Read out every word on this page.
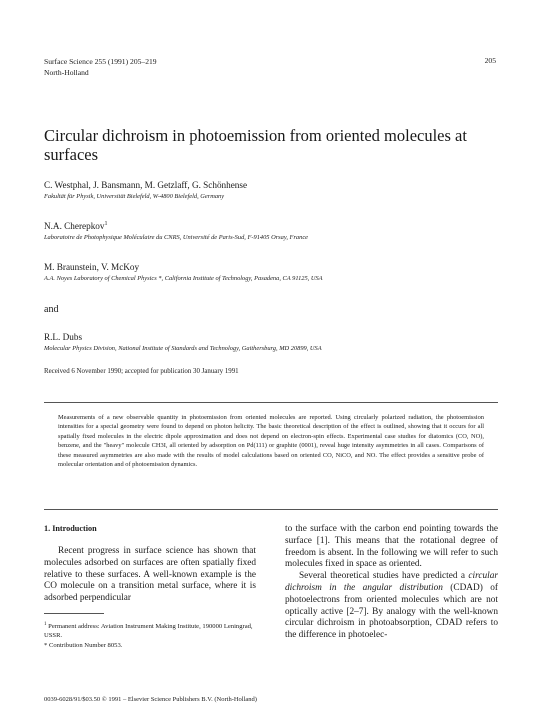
Surface Science 255 (1991) 205–219
North-Holland
205
Circular dichroism in photoemission from oriented molecules at surfaces
C. Westphal, J. Bansmann, M. Getzlaff, G. Schönhense
Fakultät für Physik, Universität Bielefeld, W-4800 Bielefeld, Germany
N.A. Cherepkov$^1$
Laboratoire de Photophysique Moléculaire du CNRS, Université de Paris-Sud, F-91405 Orsay, France
M. Braunstein, V. McKoy
A.A. Noyes Laboratory of Chemical Physics *, California Institute of Technology, Pasadena, CA 91125, USA
and
R.L. Dubs
Molecular Physics Division, National Institute of Standards and Technology, Gaithersburg, MD 20899, USA
Received 6 November 1990; accepted for publication 30 January 1991
Measurements of a new observable quantity in photoemission from oriented molecules are reported. Using circularly polarized radiation, the photoemission intensities for a special geometry were found to depend on photon helicity. The basic theoretical description of the effect is outlined, showing that it occurs for all spatially fixed molecules in the electric dipole approximation and does not depend on electron-spin effects. Experimental case studies for diatomics (CO, NO), benzene, and the "heavy" molecule CH3I, all oriented by adsorption on Pd(111) or graphite (0001), reveal huge intensity asymmetries in all cases. Comparisons of these measured asymmetries are also made with the results of model calculations based on oriented CO, NiCO, and NO. The effect provides a sensitive probe of molecular orientation and of photoemission dynamics.
1. Introduction
Recent progress in surface science has shown that molecules adsorbed on surfaces are often spatially fixed relative to these surfaces. A well-known example is the CO molecule on a transition metal surface, where it is adsorbed perpendicular
$^1$ Permanent address: Aviation Instrument Making Institute, 190000 Leningrad, USSR.
* Contribution Number 8053.
to the surface with the carbon end pointing towards the surface [1]. This means that the rotational degree of freedom is absent. In the following we will refer to such molecules fixed in space as oriented.
Several theoretical studies have predicted a circular dichroism in the angular distribution (CDAD) of photoelectrons from oriented molecules which are not optically active [2–7]. By analogy with the well-known circular dichroism in photoabsorption, CDAD refers to the difference in photoelec-
0039-6028/91/$03.50 © 1991 – Elsevier Science Publishers B.V. (North-Holland)
